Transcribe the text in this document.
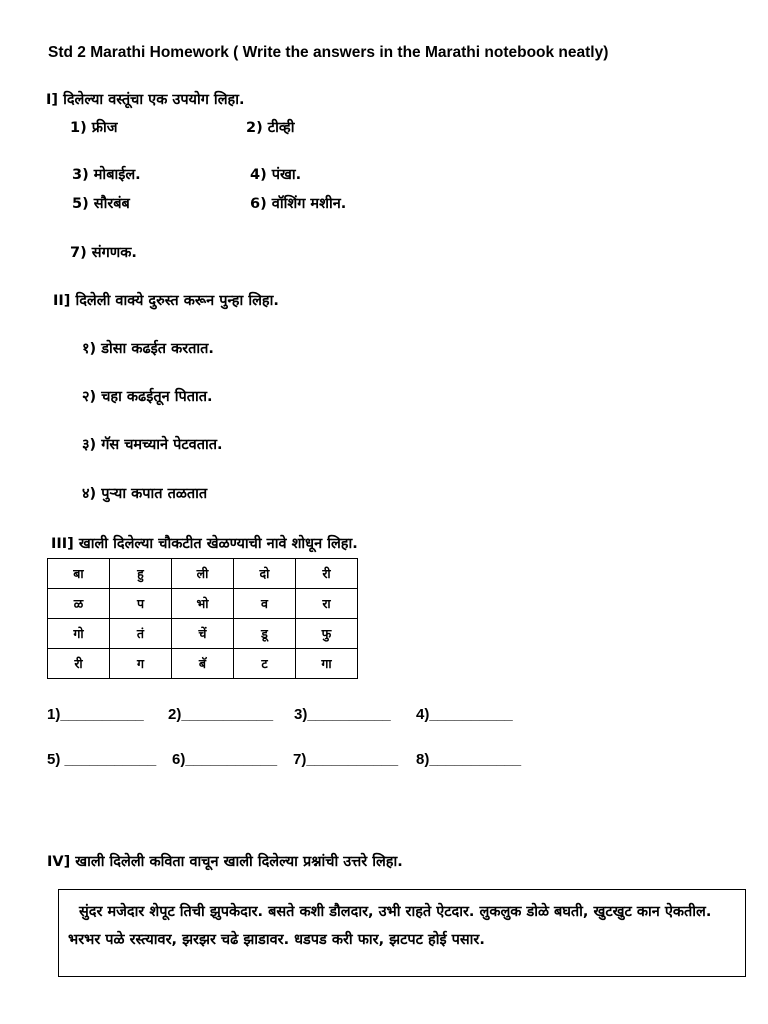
Std 2 Marathi Homework ( Write the answers in the Marathi notebook neatly)
I] दिलेल्या वस्तूंचा एक उपयोग लिहा.
1) फ्रीज	2) टीव्ही
3) मोबाईल.	4) पंखा.
5) सौरबंब	6) वॉशिंग मशीन.
7) संगणक.
II] दिलेली वाक्ये दुरुस्त करून पुन्हा लिहा.
१) डोसा कढईत करतात.
२) चहा कढईतून पितात.
३) गॅस चमच्याने पेटवतात.
४) पुऱ्या कपात तळतात
III] खाली दिलेल्या चौकटीत खेळण्याची नावे शोधून लिहा.
बा	हु	ली	दो	री
ळ	प	भो	व	रा
गो	तं	चें	डू	फु
री	ग	बॅ	ट	गा
1)__________ 2)___________ 3)__________ 4)__________
5) ___________ 6)___________ 7)___________ 8)___________
IV] खाली दिलेली कविता वाचून खाली दिलेल्या प्रश्नांची उत्तरे लिहा.
सुंदर मजेदार शेपूट तिची झुपकेदार. बसते कशी डौलदार, उभी राहते ऐटदार. लुकलुक डोळे बघती, खुटखुट कान ऐकतील. भरभर पळे रस्त्यावर, झरझर चढे झाडावर. धडपड करी फार, झटपट होई पसार.
